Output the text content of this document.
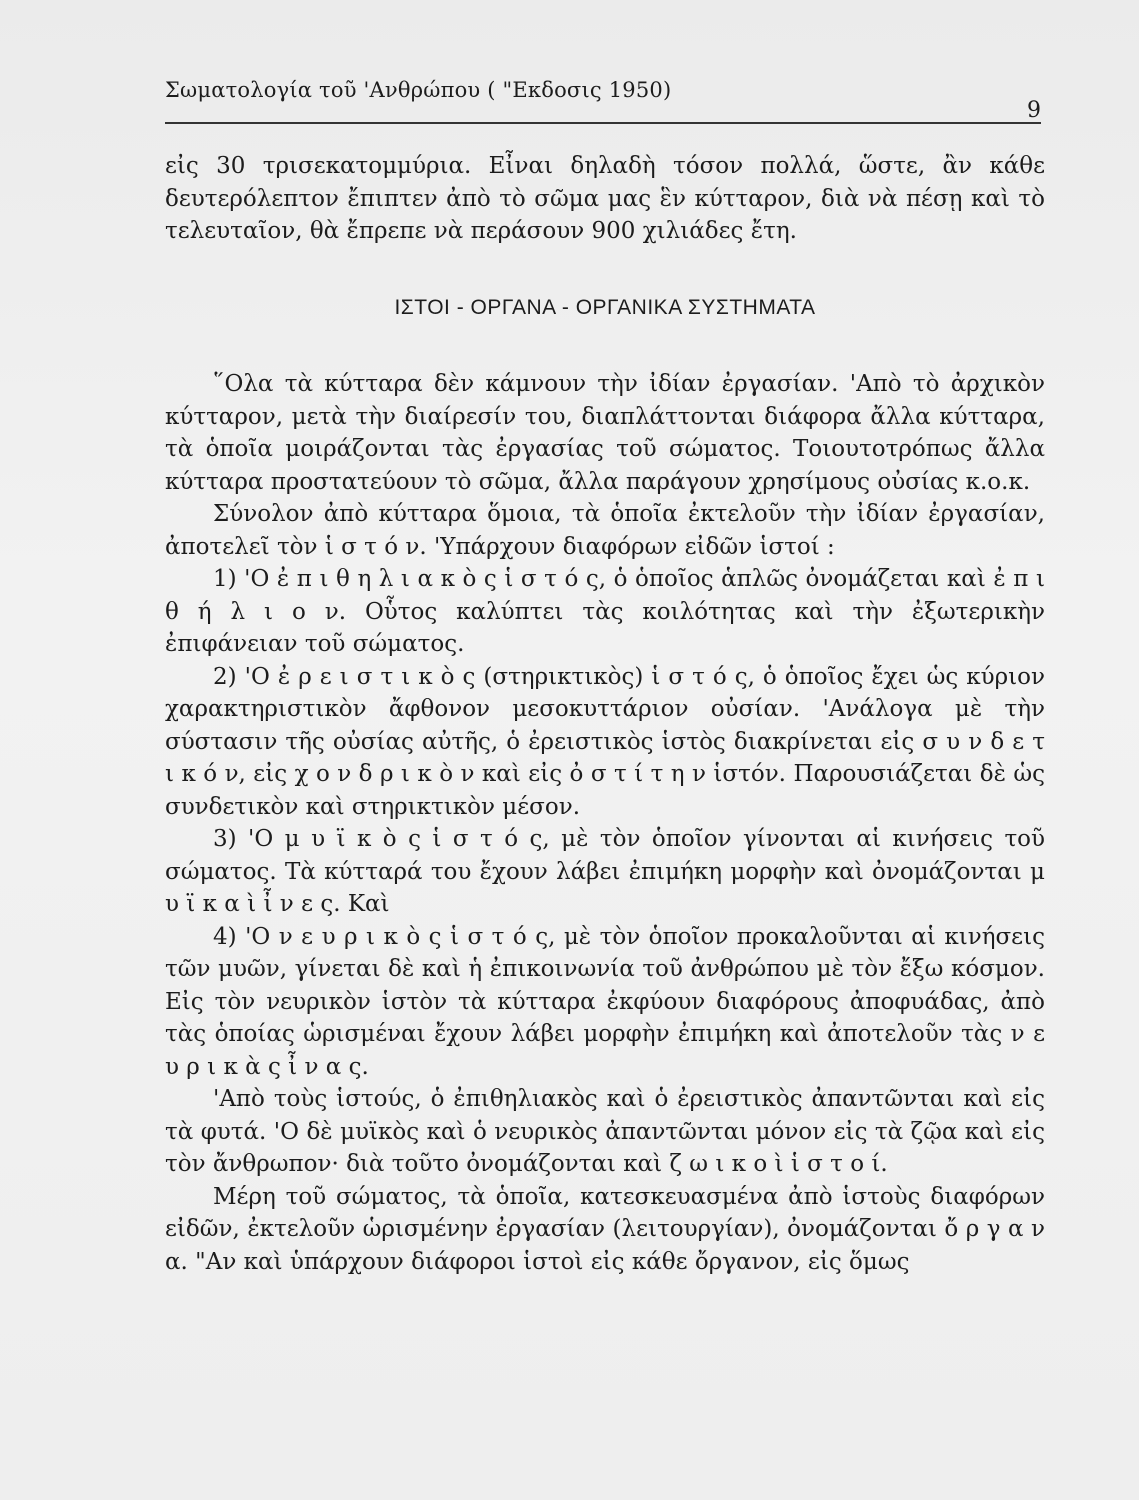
Σωματολογία τοῦ 'Ανθρώπου ( "Εκδοσις 1950)
9

εἰς 30 τρισεκατομμύρια. Εἶναι δηλαδὴ τόσον πολλά, ὥστε, ἂν κάθε δευτερόλεπτον ἔπιπτεν ἀπὸ τὸ σῶμα μας ἓν κύτταρον, διὰ νὰ πέσῃ καὶ τὸ τελευταῖον, θὰ ἔπρεπε νὰ περάσουν 900 χιλιάδες ἔτη.

ΙΣΤΟΙ - ΟΡΓΑΝΑ - ΟΡΓΑΝΙΚΑ ΣΥΣΤΗΜΑΤΑ

῞Ολα τὰ κύτταρα δὲν κάμνουν τὴν ἰδίαν ἐργασίαν. 'Απὸ τὸ ἀρχικὸν κύτταρον, μετὰ τὴν διαίρεσίν του, διαπλάττονται διάφορα ἄλλα κύτταρα, τὰ ὁποῖα μοιράζονται τὰς ἐργασίας τοῦ σώματος. Τοιουτοτρόπως ἄλλα κύτταρα προστατεύουν τὸ σῶμα, ἄλλα παράγουν χρησίμους οὐσίας κ.ο.κ.

Σύνολον ἀπὸ κύτταρα ὅμοια, τὰ ὁποῖα ἐκτελοῦν τὴν ἰδίαν ἐργασίαν, ἀποτελεῖ τὸν ἱ σ τ ό ν. 'Υπάρχουν διαφόρων εἰδῶν ἱστοί :

1) 'Ο ἐ π ι θ η λ ι α κ ὸ ς ἱ σ τ ό ς, ὁ ὁποῖος ἁπλῶς ὀνομάζεται καὶ ἐ π ι θ ή λ ι ο ν. Οὗτος καλύπτει τὰς κοιλότητας καὶ τὴν ἐξωτερικὴν ἐπιφάνειαν τοῦ σώματος.

2) 'Ο ἐ ρ ε ι σ τ ι κ ὸ ς (στηρικτικὸς) ἱ σ τ ό ς, ὁ ὁποῖος ἔχει ὡς κύριον χαρακτηριστικὸν ἄφθονον μεσοκυττάριον οὐσίαν. 'Ανάλογα μὲ τὴν σύστασιν τῆς οὐσίας αὐτῆς, ὁ ἐρειστικὸς ἱστὸς διακρίνεται εἰς σ υ ν δ ε τ ι κ ό ν, εἰς χ ο ν δ ρ ι κ ὸ ν καὶ εἰς ὀ σ τ ί τ η ν ἱστόν. Παρουσιάζεται δὲ ὡς συνδετικὸν καὶ στηρικτικὸν μέσον.

3) 'Ο μ υ ϊ κ ὸ ς ἱ σ τ ό ς, μὲ τὸν ὁποῖον γίνονται αἱ κινήσεις τοῦ σώματος. Τὰ κύτταρά του ἔχουν λάβει ἐπιμήκη μορφὴν καὶ ὀνομάζονται μ υ ϊ κ α ὶ ἶ ν ε ς. Καὶ

4) 'Ο ν ε υ ρ ι κ ὸ ς ἱ σ τ ό ς, μὲ τὸν ὁποῖον προκαλοῦνται αἱ κινήσεις τῶν μυῶν, γίνεται δὲ καὶ ἡ ἐπικοινωνία τοῦ ἀνθρώπου μὲ τὸν ἔξω κόσμον. Εἰς τὸν νευρικὸν ἱστὸν τὰ κύτταρα ἐκφύουν διαφόρους ἀποφυάδας, ἀπὸ τὰς ὁποίας ὡρισμέναι ἔχουν λάβει μορφὴν ἐπιμήκη καὶ ἀποτελοῦν τὰς ν ε υ ρ ι κ ὰ ς ἶ ν α ς.

'Απὸ τοὺς ἱστούς, ὁ ἐπιθηλιακὸς καὶ ὁ ἐρειστικὸς ἀπαντῶνται καὶ εἰς τὰ φυτά. 'Ο δὲ μυϊκὸς καὶ ὁ νευρικὸς ἀπαντῶνται μόνον εἰς τὰ ζῷα καὶ εἰς τὸν ἄνθρωπον· διὰ τοῦτο ὀνομάζονται καὶ ζ ω ι κ ο ὶ ἱ σ τ ο ί.

Μέρη τοῦ σώματος, τὰ ὁποῖα, κατεσκευασμένα ἀπὸ ἱστοὺς διαφόρων εἰδῶν, ἐκτελοῦν ὡρισμένην ἐργασίαν (λειτουργίαν), ὀνομάζονται ὄ ρ γ α ν α. "Αν καὶ ὑπάρχουν διάφοροι ἱστοὶ εἰς κάθε ὄργανον, εἰς ὅμως
